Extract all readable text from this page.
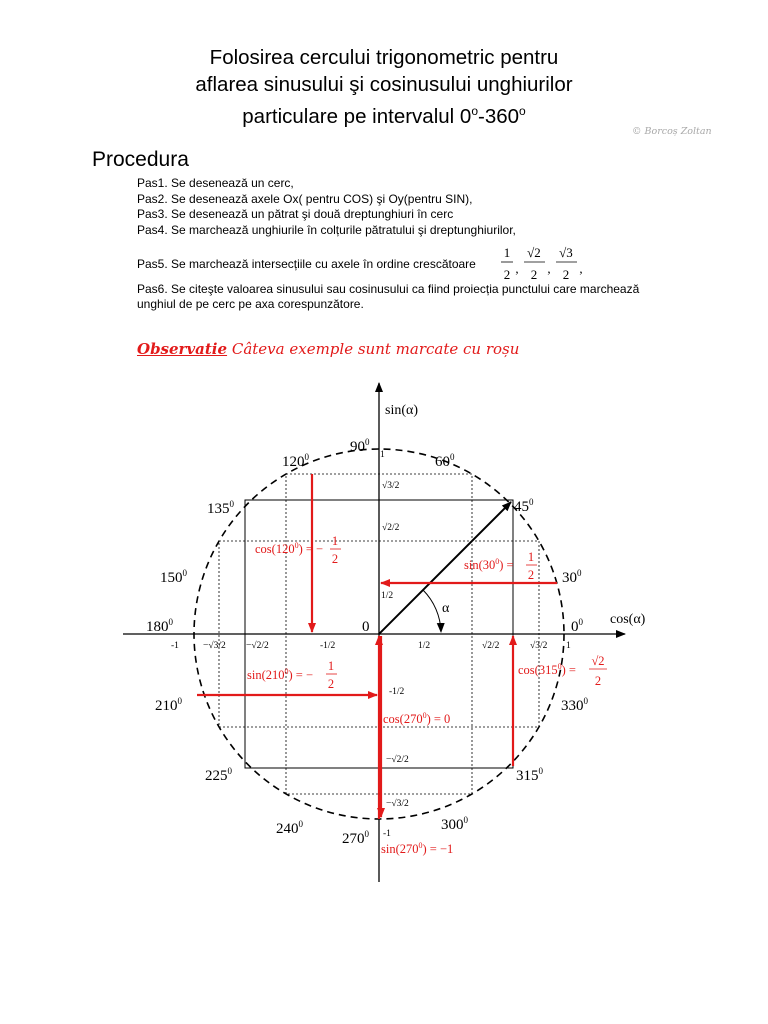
Folosirea cercului trigonometric pentru
aflarea sinusului şi cosinusului unghiurilor
particulare pe intervalul 0$^o$-360$^o$
© Borcoș Zoltan
Procedura
Pas1. Se desenează un cerc,
Pas2. Se desenează axele Ox( pentru COS) şi Oy(pentru SIN),
Pas3. Se desenează un pătrat şi două dreptunghiuri în cerc
Pas4. Se marchează unghiurile în colțurile pătratului şi dreptunghiurilor,
Pas5. Se marchează intersecțiile cu axele în ordine crescătoare
Pas6. Se citeşte valoarea sinusului sau cosinusului ca fiind proiecția punctului care marchează
unghiul de pe cerc pe axa corespunzătore.
1
2 ,
√2
2 ,
√3
2 ,
Observatie Câteva exemple sunt marcate cu roșu
sin(α)
cos(α)
α
0
$90^0$
$120^0$	$60^0$
$135^0$	$45^0$
$150^0$	$30^0$
$180^0$	$0^0$
$210^0$	$330^0$
$225^0$	$315^0$
$240^0$	$300^0$
$270^0$
-1	−√3/2 −√2/2	-1/2	1/2	√2/2	√3/2 1
1
√3/2
√2/2
1/2
-1/2
−√2/2
−√3/2
-1
$\cos(120^0)$ = −
1
2	$\sin(30^0)$ =
1
2
$\sin(210^0)$ = −
1
2
$\cos(315^0)$ =
√2
2
$\cos(270^0) = 0$
$\sin(270^0) = -1$
